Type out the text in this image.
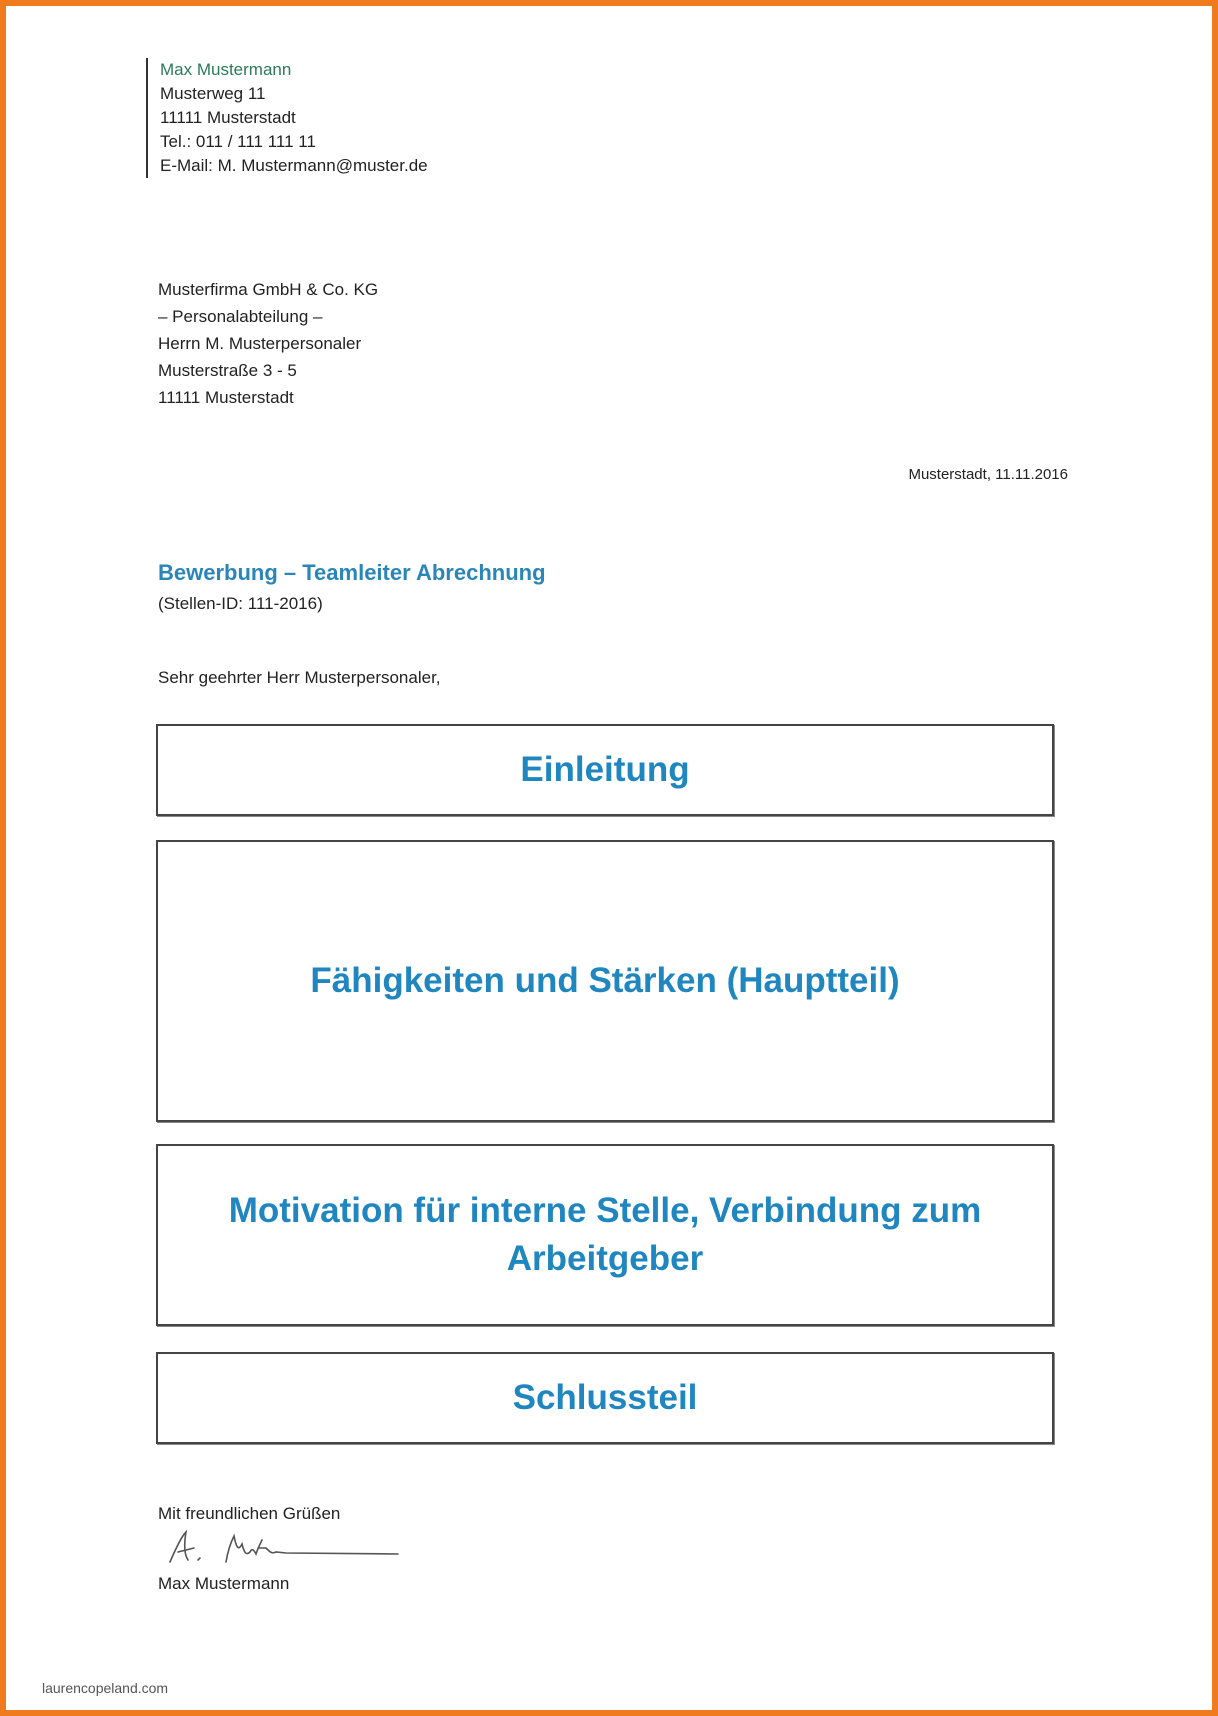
Max Mustermann
Musterweg 11
11111 Musterstadt
Tel.: 011 / 111 111 11
E-Mail: M. Mustermann@muster.de
Musterfirma GmbH & Co. KG
– Personalabteilung –
Herrn M. Musterpersonaler
Musterstraße 3 - 5
11111 Musterstadt
Musterstadt, 11.11.2016
Bewerbung – Teamleiter Abrechnung
(Stellen-ID: 111-2016)
Sehr geehrter Herr Musterpersonaler,
Einleitung
Fähigkeiten und Stärken (Hauptteil)
Motivation für interne Stelle, Verbindung zum Arbeitgeber
Schlussteil
Mit freundlichen Grüßen
Max Mustermann
laurencopeland.com
